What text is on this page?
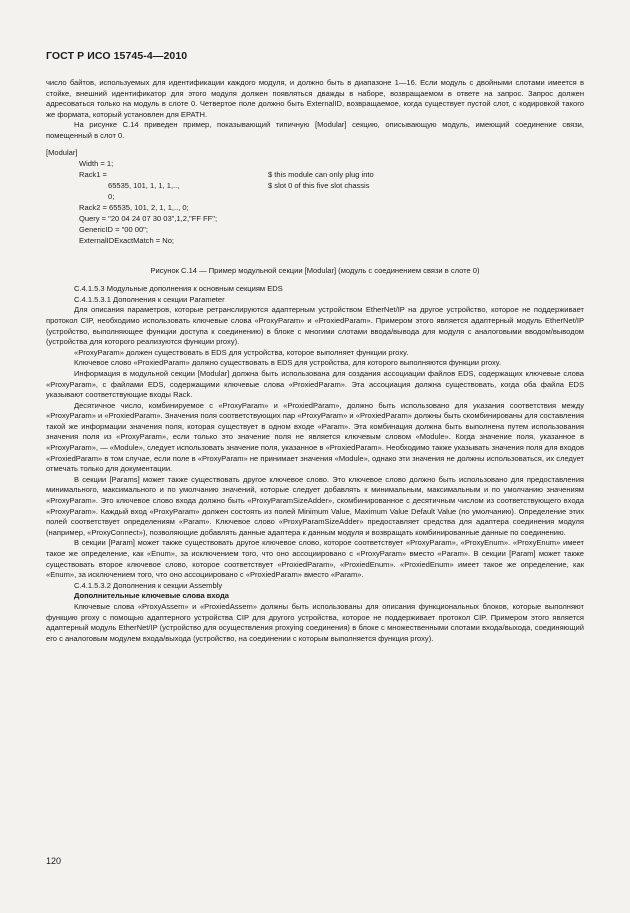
ГОСТ Р ИСО 15745-4—2010

число байтов, используемых для идентификации каждого модуля, и должно быть в диапазоне 1—16. Если модуль с двойными слотами имеется в стойке, внешний идентификатор для этого модуля должен появляться дважды в наборе, возвращаемом в ответе на запрос. Запрос должен адресоваться только на модуль в слоте 0. Четвертое поле должно быть ExternalID, возвращаемое, когда существует пустой слот, с кодировкой такого же формата, который установлен для EPATH.

На рисунке С.14 приведен пример, показывающий типичную [Modular] секцию, описывающую модуль, имеющий соединение связи, помещенный в слот 0.

[Modular]
Width = 1;
Rack1 =	$ this module can only plug into
65535, 101, 1, 1, 1,..,	$ slot 0 of this five slot chassis
0;
Rack2 = 65535, 101, 2, 1, 1,.., 0;
Query = "20 04 24 07 30 03",1,2,"FF FF";
GenericID = "00 00";
ExternalIDExactMatch = No;
Рисунок С.14 — Пример модульной секции [Modular] (модуль с соединением связи в слоте 0)

С.4.1.5.3 Модульные дополнения к основным секциям EDS

С.4.1.5.3.1 Дополнения к секции Parameter

Для описания параметров, которые ретранслируются адаптерным устройством EtherNet/IP на другое устройство, которое не поддерживает протокол CIP, необходимо использовать ключевые слова «ProxyParam» и «ProxiedParam». Примером этого является адаптерный модуль EtherNet/IP (устройство, выполняющее функции доступа к соединению) в блоке с многими слотами ввода/вывода для модуля с аналоговыми вводом/выводом (устройства для которого реализуются функции proxy).

«ProxyParam» должен существовать в EDS для устройства, которое выполняет функции proxy.

Ключевое слово «ProxiedParam» должно существовать в EDS для устройства, для которого выполняются функции proxy.

Информация в модульной секции [Modular] должна быть использована для создания ассоциации файлов EDS, содержащих ключевые слова «ProxyParam», с файлами EDS, содержащими ключевые слова «ProxiedParam». Эта ассоциация должна существовать, когда оба файла EDS указывают соответствующие входы Rack.

Десятичное число, комбинируемое с «ProxyParam» и «ProxiedParam», должно быть использовано для указания соответствия между «ProxyParam» и «ProxiedParam». Значения поля соответствующих пар «ProxyParam» и «ProxiedParam» должны быть скомбинированы для составления такой же информации значения поля, которая существует в одном входе «Param». Эта комбинация должна быть выполнена путем использования значения поля из «ProxyParam», если только это значение поля не является ключевым словом «Module». Когда значение поля, указанное в «ProxyParam», — «Module», следует использовать значение поля, указанное в «ProxiedParam». Необходимо также указывать значения поля для входов «ProxiedParam» в том случае, если поле в «ProxyParam» не принимает значения «Module», однако эти значения не должны использоваться, их следует отмечать только для документации.

В секции [Params] может также существовать другое ключевое слово. Это ключевое слово должно быть использовано для предоставления минимального, максимального и по умолчанию значений, которые следует добавлять к минимальным, максимальным и по умолчанию значениям «ProxyParam». Это ключевое слово входа должно быть «ProxyParamSizeAdder», скомбинированное с десятичным числом из соответствующего входа «ProxyParam». Каждый вход «ProxyParam» должен состоять из полей Minimum Value, Maximum Value Default Value (по умолчанию). Определение этих полей соответствует определениям «Param». Ключевое слово «ProxyParamSizeAdder» предоставляет средства для адаптера соединения модуля (например, «ProxyConnect»), позволяющие добавлять данные адаптера к данным модуля и возвращать комбинированные данные по соединению.

В секции [Param] может также существовать другое ключевое слово, которое соответствует «ProxyParam», «ProxyEnum». «ProxyEnum» имеет такое же определение, как «Enum», за исключением того, что оно ассоциировано с «ProxyParam» вместо «Param». В секции [Param] может также существовать второе ключевое слово, которое соответствует «ProxiedParam», «ProxiedEnum». «ProxiedEnum» имеет такое же определение, как «Enum», за исключением того, что оно ассоциировано с «ProxiedParam» вместо «Param».

С.4.1.5.3.2 Дополнения к секции Assembly

Дополнительные ключевые слова входа

Ключевые слова «ProxyAssem» и «ProxiedAssem» должны быть использованы для описания функциональных блоков, которые выполняют функцию proxy с помощью адаптерного устройства CIP для другого устройства, которое не поддерживает протокол CIP. Примером этого является адаптерный модуль EtherNet/IP (устройство для осуществления proxying соединения) в блоке с множественными слотами входа/выхода, соединяющий его с аналоговым модулем входа/выхода (устройство, на соединении с которым выполняется функция proxy).

120
